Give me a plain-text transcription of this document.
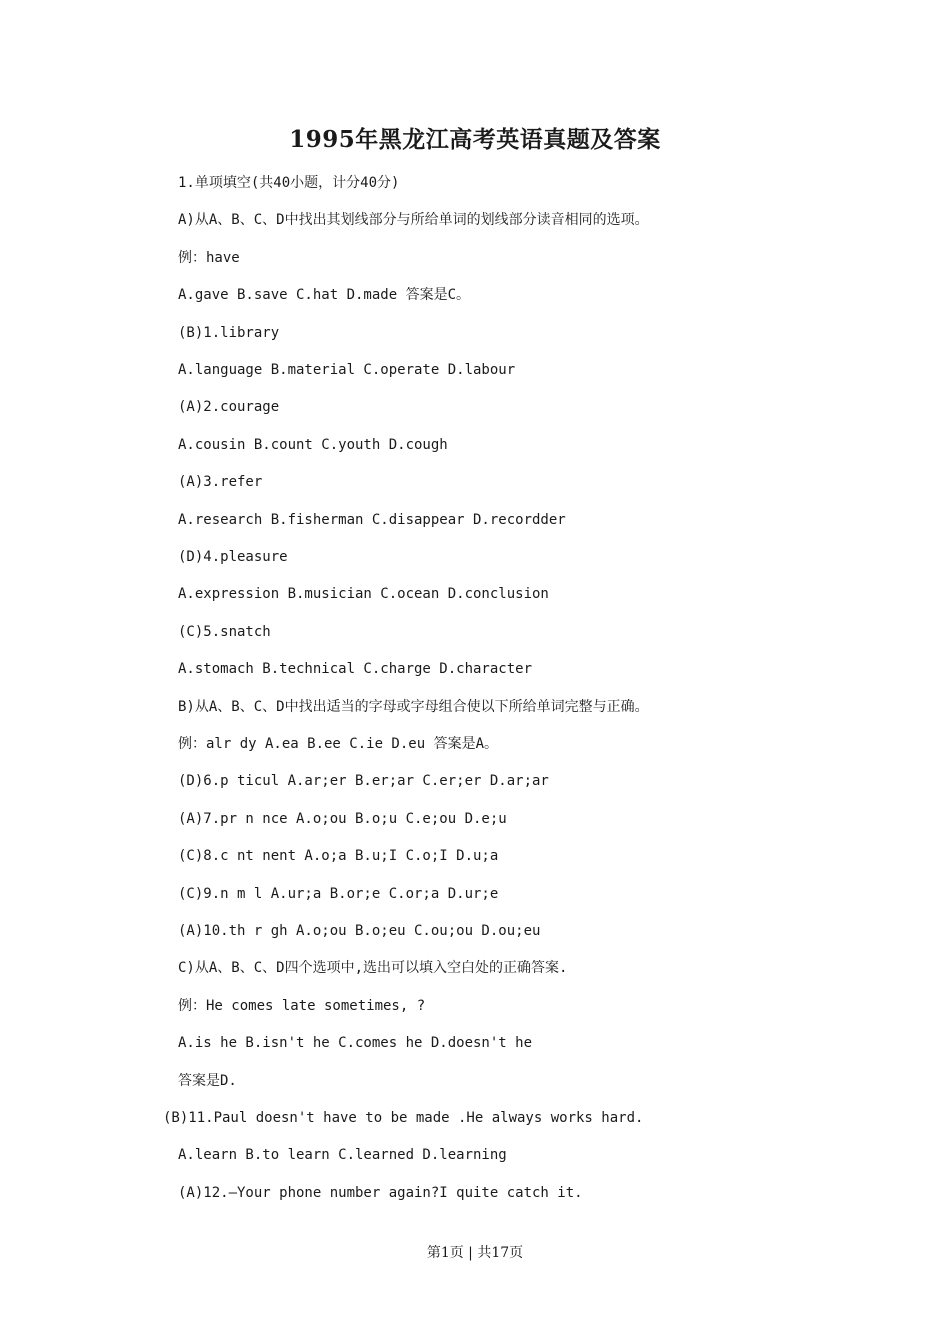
1995年黑龙江高考英语真题及答案
1.单项填空(共40小题，计分40分)
A)从A、B、C、D中找出其划线部分与所给单词的划线部分读音相同的选项。
例：have
A.gave B.save C.hat D.made 答案是C。
(B)1.library
A.language B.material C.operate D.labour
(A)2.courage
A.cousin B.count C.youth D.cough
(A)3.refer
A.research B.fisherman C.disappear D.recordder
(D)4.pleasure
A.expression B.musician C.ocean D.conclusion
(C)5.snatch
A.stomach B.technical C.charge D.character
B)从A、B、C、D中找出适当的字母或字母组合使以下所给单词完整与正确。
例：alr dy A.ea B.ee C.ie D.eu 答案是A。
(D)6.p ticul A.ar;er B.er;ar C.er;er D.ar;ar
(A)7.pr n nce A.o;ou B.o;u C.e;ou D.e;u
(C)8.c nt nent A.o;a B.u;I C.o;I D.u;a
(C)9.n m l A.ur;a B.or;e C.or;a D.ur;e
(A)10.th r gh A.o;ou B.o;eu C.ou;ou D.ou;eu
C)从A、B、C、D四个选项中,选出可以填入空白处的正确答案.
例：He comes late sometimes, ?
A.is he B.isn't he C.comes he D.doesn't he
答案是D.
(B)11.Paul doesn't have to be made .He always works hard.
A.learn B.to learn C.learned D.learning
(A)12.—Your phone number again?I quite catch it.
第1页 | 共17页
